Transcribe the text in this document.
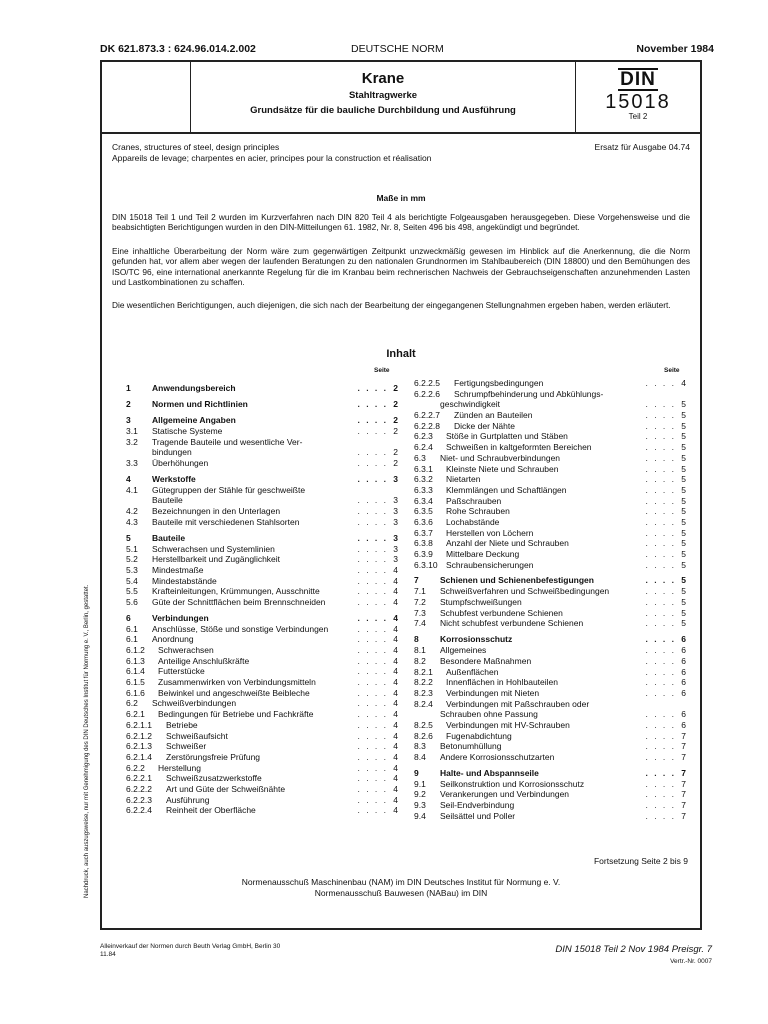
DK 621.873.3 : 624.96.014.2.002	DEUTSCHE NORM	November 1984
Nachdruck, auch auszugsweise, nur mit Genehmigung des DIN Deutsches Institut für Normung e. V., Berlin, gestattet.
Krane
Stahltragwerke
Grundsätze für die bauliche Durchbildung und Ausführung
DIN
15018
Teil 2
Cranes, structures of steel, design principles
Appareils de levage; charpentes en acier, principes pour la construction et réalisation
Ersatz für Ausgabe 04.74
Maße in mm
DIN 15018 Teil 1 und Teil 2 wurden im Kurzverfahren nach DIN 820 Teil 4 als berichtigte Folgeausgaben herausgegeben. Diese Vorgehensweise und die beabsichtigten Berichtigungen wurden in den DIN-Mitteilungen 61. 1982, Nr. 8, Seiten 496 bis 498, angekündigt und begründet.
Eine inhaltliche Überarbeitung der Norm wäre zum gegenwärtigen Zeitpunkt unzweckmäßig gewesen im Hinblick auf die Anerkennung, die die Norm gefunden hat, vor allem aber wegen der laufenden Beratungen zu den nationalen Grundnormen im Stahlbaubereich (DIN 18800) und den Bemühungen des ISO/TC 96, eine international anerkannte Regelung für die im Kranbau beim rechnerischen Nachweis der Gebrauchseigenschaften anzunehmenden Lasten und Lastkombinationen zu schaffen.
Die wesentlichen Berichtigungen, auch diejenigen, die sich nach der Bearbeitung der eingegangenen Stellungnahmen ergeben haben, werden erläutert.
Inhalt
Seite	Seite
1	Anwendungsbereich	. . . . 2
2	Normen und Richtlinien	. . . . 2
3	Allgemeine Angaben	. . . . 2
3.1 Statische Systeme	. . . . 2
3.2 Tragende Bauteile und wesentliche Ver-
bindungen	. . . . 2
3.3 Überhöhungen	. . . . 2
4	Werkstoffe	. . . . 3
4.1 Gütegruppen der Stähle für geschweißte
Bauteile	. . . . 3
4.2 Bezeichnungen in den Unterlagen	. . . . 3
4.3 Bauteile mit verschiedenen Stahlsorten	. . . . 3
5	Bauteile	. . . . 3
5.1 Schwerachsen und Systemlinien	. . . . 3
5.2 Herstellbarkeit und Zugänglichkeit	. . . . 3
5.3 Mindestmaße	. . . . 4
5.4 Mindestabstände	. . . . 4
5.5 Krafteinleitungen, Krümmungen, Ausschnitte	. . . . 4
5.6 Güte der Schnittflächen beim Brennschneiden	. . . . 4
6	Verbindungen	. . . . 4
6.1 Anschlüsse, Stöße und sonstige Verbindungen	. . . . 4
6.1 Anordnung	. . . . 4
6.1.2 Schwerachsen	. . . . 4
6.1.3 Anteilige Anschlußkräfte	. . . . 4
6.1.4 Futterstücke	. . . . 4
6.1.5 Zusammenwirken von Verbindungsmitteln	. . . . 4
6.1.6 Beiwinkel und angeschweißte Beibleche	. . . . 4
6.2 Schweißverbindungen	. . . . 4
6.2.1 Bedingungen für Betriebe und Fachkräfte	. . . . 4
6.2.1.1 Betriebe	. . . . 4
6.2.1.2 Schweißaufsicht	. . . . 4
6.2.1.3 Schweißer	. . . . 4
6.2.1.4 Zerstörungsfreie Prüfung	. . . . 4
6.2.2 Herstellung	. . . . 4
6.2.2.1 Schweißzusatzwerkstoffe	. . . . 4
6.2.2.2 Art und Güte der Schweißnähte	. . . . 4
6.2.2.3 Ausführung	. . . . 4
6.2.2.4 Reinheit der Oberfläche	. . . . 4
6.2.2.5 Fertigungsbedingungen	. . . . 4
6.2.2.6 Schrumpfbehinderung und Abkühlungs-
geschwindigkeit	. . . . 5
6.2.2.7 Zünden an Bauteilen	. . . . 5
6.2.2.8 Dicke der Nähte	. . . . 5
6.2.3 Stöße in Gurtplatten und Stäben	. . . . 5
6.2.4 Schweißen in kaltgeformten Bereichen	. . . . 5
6.3 Niet- und Schraubverbindungen	. . . . 5
6.3.1 Kleinste Niete und Schrauben	. . . . 5
6.3.2 Nietarten	. . . . 5
6.3.3 Klemmlängen und Schaftlängen	. . . . 5
6.3.4 Paßschrauben	. . . . 5
6.3.5 Rohe Schrauben	. . . . 5
6.3.6 Lochabstände	. . . . 5
6.3.7 Herstellen von Löchern	. . . . 5
6.3.8 Anzahl der Niete und Schrauben	. . . . 5
6.3.9 Mittelbare Deckung	. . . . 5
6.3.10 Schraubensicherungen	. . . . 5
7	Schienen und Schienenbefestigungen	. . . . 5
7.1 Schweißverfahren und Schweißbedingungen	. . . . 5
7.2 Stumpfschweißungen	. . . . 5
7.3 Schubfest verbundene Schienen	. . . . 5
7.4 Nicht schubfest verbundene Schienen	. . . . 5
8	Korrosionsschutz	. . . . 6
8.1 Allgemeines	. . . . 6
8.2 Besondere Maßnahmen	. . . . 6
8.2.1 Außenflächen	. . . . 6
8.2.2 Innenflächen in Hohlbauteilen	. . . . 6
8.2.3 Verbindungen mit Nieten	. . . . 6
8.2.4 Verbindungen mit Paßschrauben oder
Schrauben ohne Passung	. . . . 6
8.2.5 Verbindungen mit HV-Schrauben	. . . . 6
8.2.6 Fugenabdichtung	. . . . 7
8.3 Betonumhüllung	. . . . 7
8.4 Andere Korrosionsschutzarten	. . . . 7
9	Halte- und Abspannseile	. . . . 7
9.1 Seilkonstruktion und Korrosionsschutz	. . . . 7
9.2 Verankerungen und Verbindungen	. . . . 7
9.3 Seil-Endverbindung	. . . . 7
9.4 Seilsättel und Poller	. . . . 7
Fortsetzung Seite 2 bis 9
Normenausschuß Maschinenbau (NAM) im DIN Deutsches Institut für Normung e. V.
Normenausschuß Bauwesen (NABau) im DIN
Alleinverkauf der Normen durch Beuth Verlag GmbH, Berlin 30
11.84	DIN 15018 Teil 2 Nov 1984 Preisgr. 7
Vertr.-Nr. 0007
